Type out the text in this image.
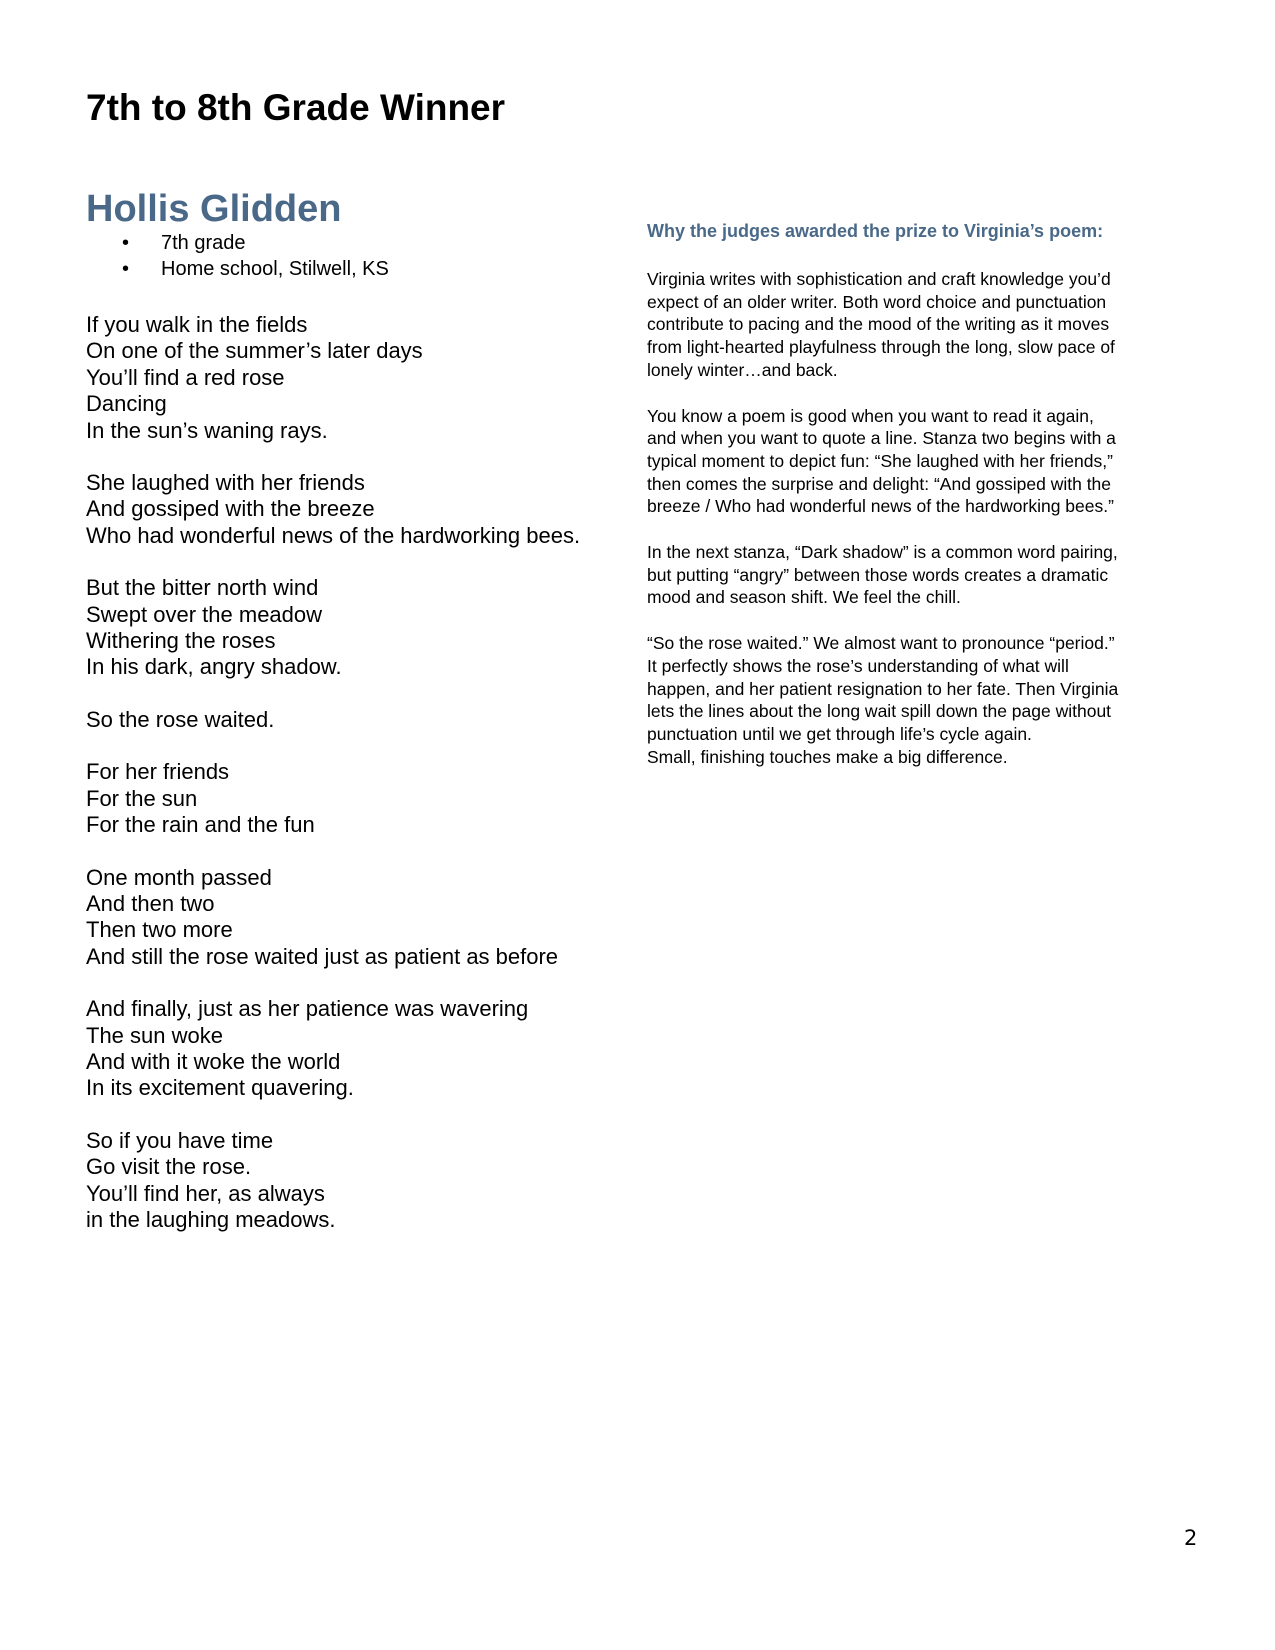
7th to 8th Grade Winner
Hollis Glidden
• 7th grade
• Home school, Stilwell, KS
If you walk in the fields
On one of the summer’s later days
You’ll find a red rose
Dancing
In the sun’s waning rays.
She laughed with her friends
And gossiped with the breeze
Who had wonderful news of the hardworking bees.
But the bitter north wind
Swept over the meadow
Withering the roses
In his dark, angry shadow.
So the rose waited.
For her friends
For the sun
For the rain and the fun
One month passed
And then two
Then two more
And still the rose waited just as patient as before
And finally, just as her patience was wavering
The sun woke
And with it woke the world
In its excitement quavering.
So if you have time
Go visit the rose.
You’ll find her, as always
in the laughing meadows.
Why the judges awarded the prize to Virginia’s poem:

Virginia writes with sophistication and craft knowledge you’d
expect of an older writer. Both word choice and punctuation
contribute to pacing and the mood of the writing as it moves
from light-hearted playfulness through the long, slow pace of
lonely winter…and back.

You know a poem is good when you want to read it again,
and when you want to quote a line. Stanza two begins with a
typical moment to depict fun: “She laughed with her friends,”
then comes the surprise and delight: “And gossiped with the
breeze / Who had wonderful news of the hardworking bees.”

In the next stanza, “Dark shadow” is a common word pairing,
but putting “angry” between those words creates a dramatic
mood and season shift. We feel the chill.

“So the rose waited.” We almost want to pronounce “period.”
It perfectly shows the rose’s understanding of what will
happen, and her patient resignation to her fate. Then Virginia
lets the lines about the long wait spill down the page without
punctuation until we get through life’s cycle again.
Small, finishing touches make a big difference.

2
